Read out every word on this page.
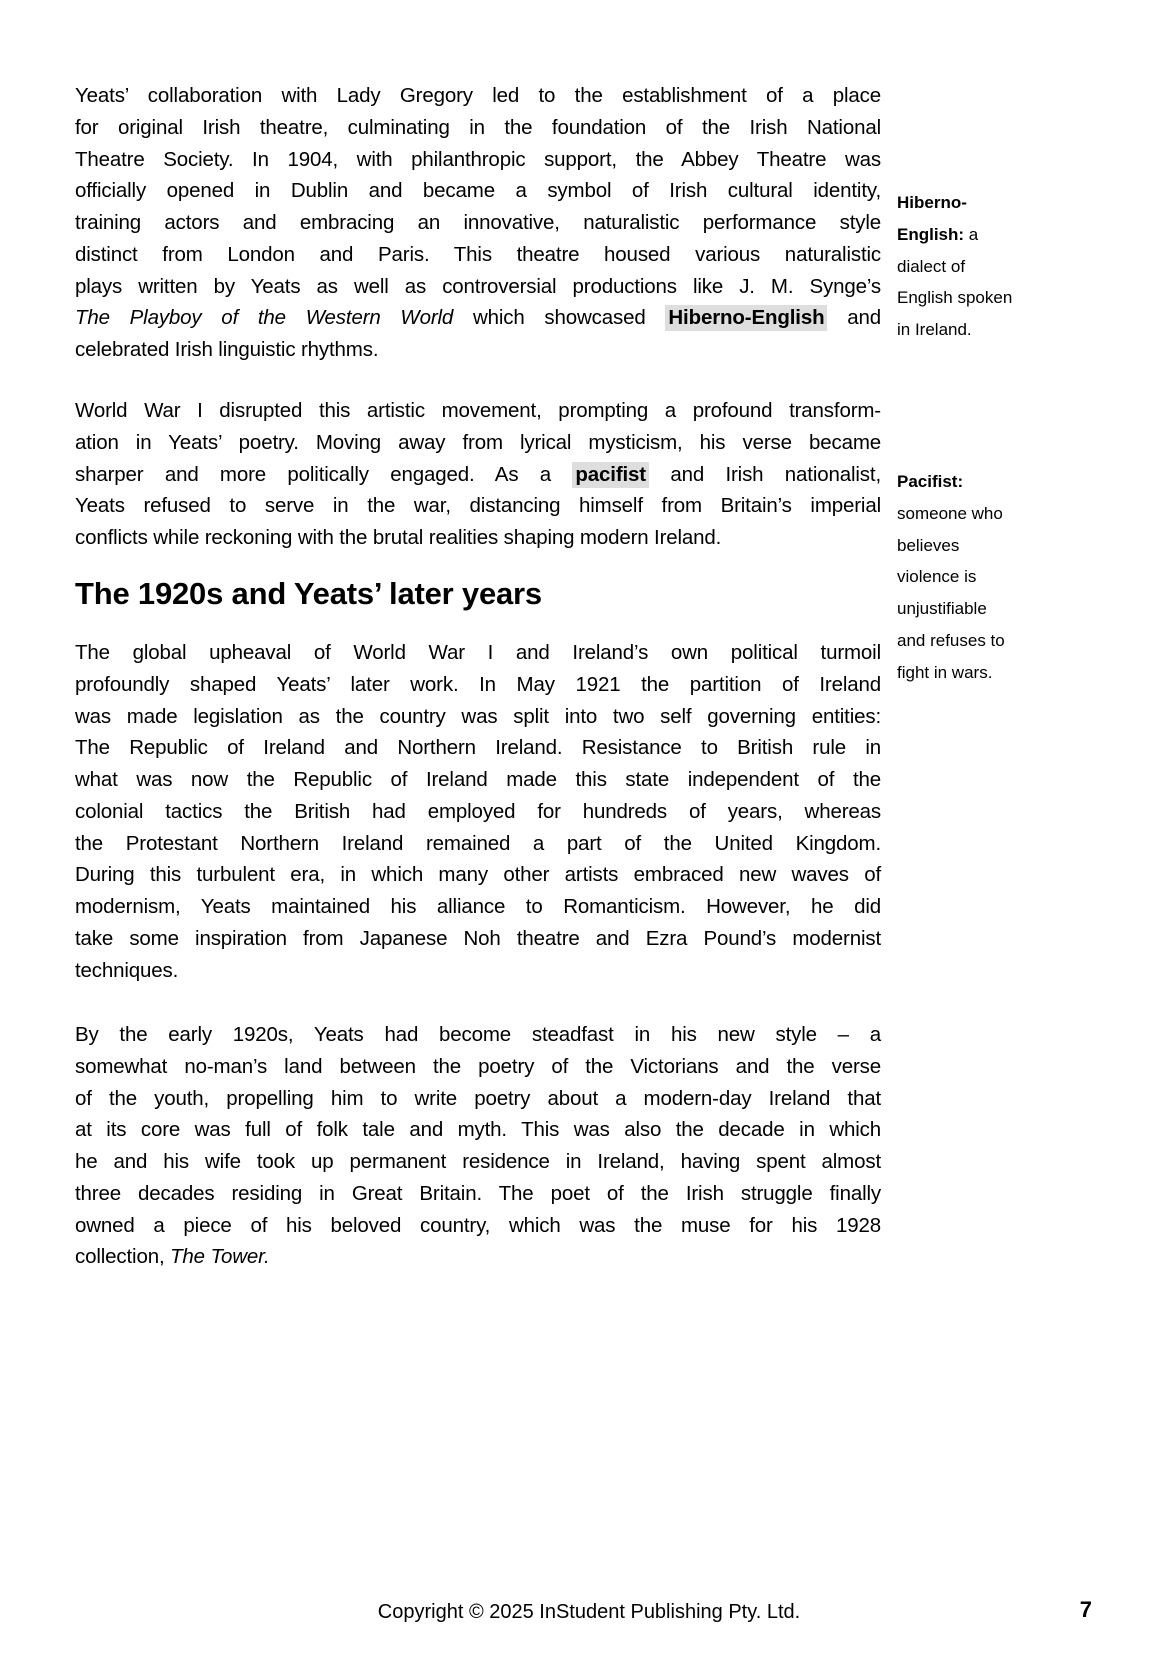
Yeats’ collaboration with Lady Gregory led to the establishment of a place
for original Irish theatre, culminating in the foundation of the Irish National
Theatre Society. In 1904, with philanthropic support, the Abbey Theatre was
officially opened in Dublin and became a symbol of Irish cultural identity,
training actors and embracing an innovative, naturalistic performance style
distinct from London and Paris. This theatre housed various naturalistic
plays written by Yeats as well as controversial productions like J. M. Synge’s
The Playboy of the Western World which showcased Hiberno-English and
celebrated Irish linguistic rhythms.
World War I disrupted this artistic movement, prompting a profound transform-
ation in Yeats’ poetry. Moving away from lyrical mysticism, his verse became
sharper and more politically engaged. As a pacifist and Irish nationalist,
Yeats refused to serve in the war, distancing himself from Britain’s imperial
conflicts while reckoning with the brutal realities shaping modern Ireland.
The 1920s and Yeats’ later years
The global upheaval of World War I and Ireland’s own political turmoil
profoundly shaped Yeats’ later work. In May 1921 the partition of Ireland
was made legislation as the country was split into two self governing entities:
The Republic of Ireland and Northern Ireland. Resistance to British rule in
what was now the Republic of Ireland made this state independent of the
colonial tactics the British had employed for hundreds of years, whereas
the Protestant Northern Ireland remained a part of the United Kingdom.
During this turbulent era, in which many other artists embraced new waves of
modernism, Yeats maintained his alliance to Romanticism. However, he did
take some inspiration from Japanese Noh theatre and Ezra Pound’s modernist
techniques.
By the early 1920s, Yeats had become steadfast in his new style – a
somewhat no-man’s land between the poetry of the Victorians and the verse
of the youth, propelling him to write poetry about a modern-day Ireland that
at its core was full of folk tale and myth. This was also the decade in which
he and his wife took up permanent residence in Ireland, having spent almost
three decades residing in Great Britain. The poet of the Irish struggle finally
owned a piece of his beloved country, which was the muse for his 1928
collection, The Tower.
Hiberno-
English: a
dialect of
English spoken
in Ireland.
Pacifist:
someone who
believes
violence is
unjustifiable
and refuses to
fight in wars.
Copyright © 2025 InStudent Publishing Pty. Ltd.	7
